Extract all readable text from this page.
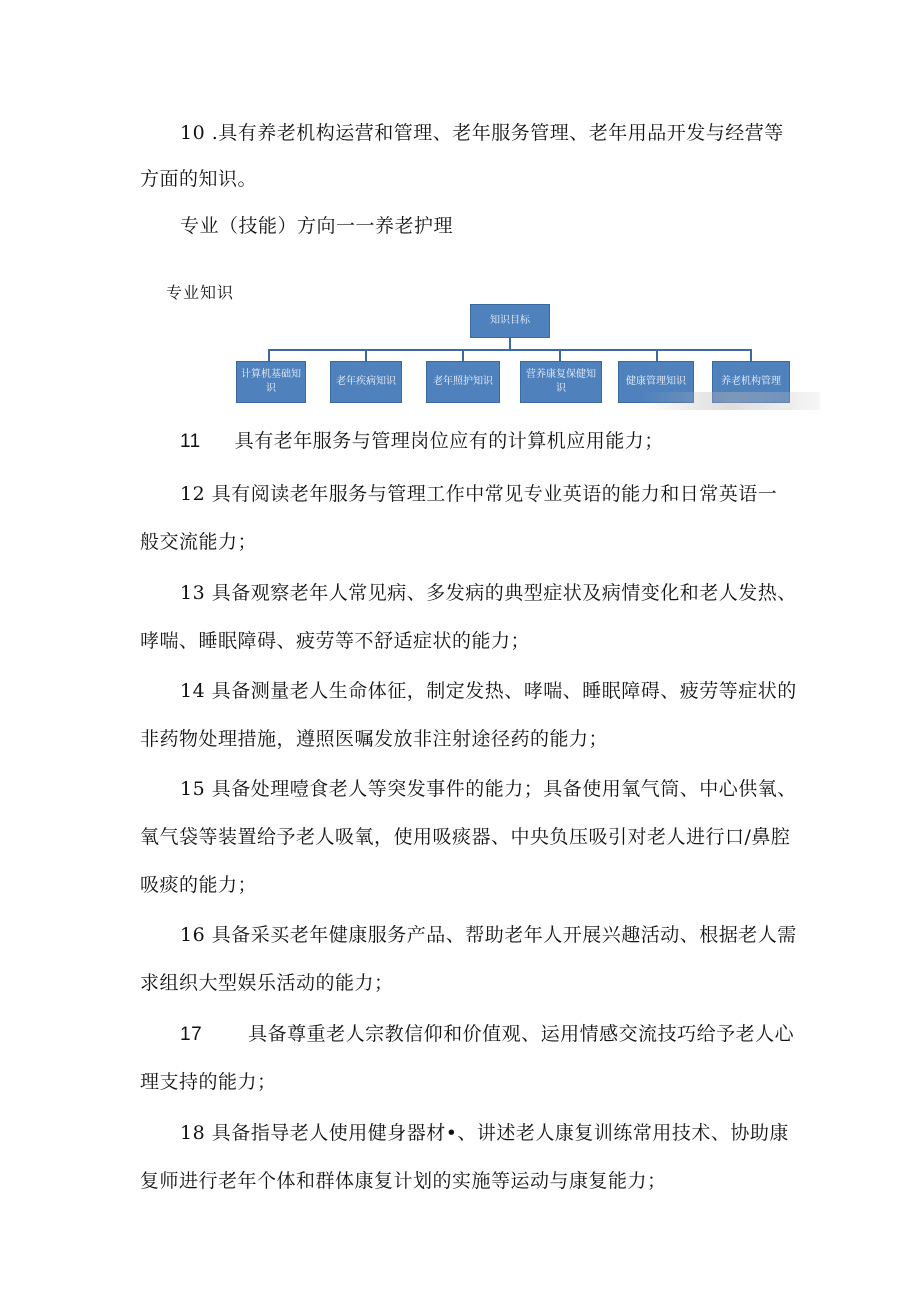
10 .具有养老机构运营和管理、老年服务管理、老年用品开发与经营等
方面的知识。
专业（技能）方向一一养老护理
专业知识
知识目标
计算机基础知识
老年疾病知识	老年照护知识
营养康复保健知识
健康管理知识	养老机构管理
11 具有老年服务与管理岗位应有的计算机应用能力；
12 具有阅读老年服务与管理工作中常见专业英语的能力和日常英语一
般交流能力；
13 具备观察老年人常见病、多发病的典型症状及病情变化和老人发热、
哮喘、睡眠障碍、疲劳等不舒适症状的能力；
14 具备测量老人生命体征，制定发热、哮喘、睡眠障碍、疲劳等症状的
非药物处理措施，遵照医嘱发放非注射途径药的能力；
15 具备处理噎食老人等突发事件的能力；具备使用氧气筒、中心供氧、
氧气袋等装置给予老人吸氧，使用吸痰器、中央负压吸引对老人进行口/鼻腔
吸痰的能力；
16 具备采买老年健康服务产品、帮助老年人开展兴趣活动、根据老人需
求组织大型娱乐活动的能力；
17 具备尊重老人宗教信仰和价值观、运用情感交流技巧给予老人心
理支持的能力；
18 具备指导老人使用健身器材•、讲述老人康复训练常用技术、协助康
复师进行老年个体和群体康复计划的实施等运动与康复能力；
